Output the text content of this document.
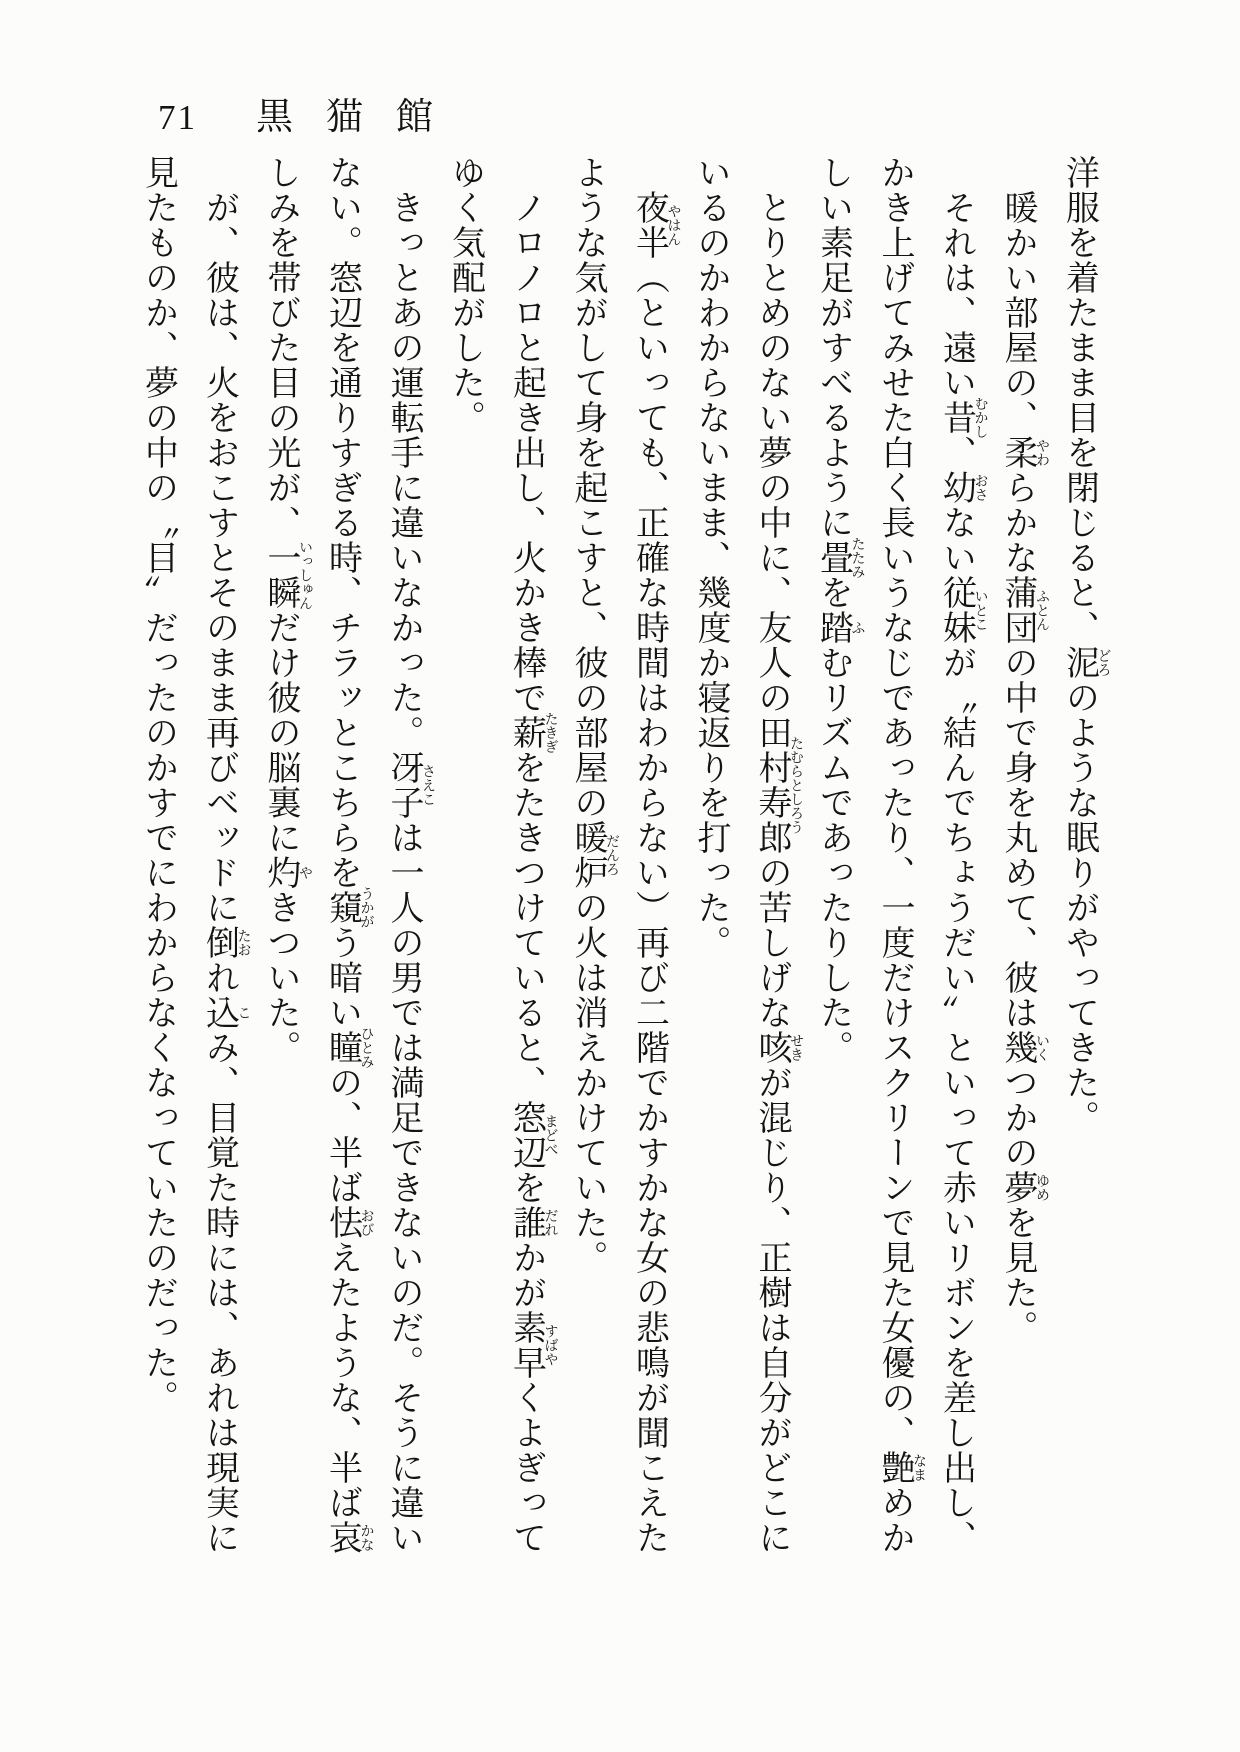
71 黒猫館
洋服を着たまま目を閉じると、泥どろのような眠りがやってきた。
暖かい部屋の、柔やわらかな蒲団ふとんの中で身を丸めて、彼は幾いくつかの夢ゆめを見た。
それは、遠い昔むかし、幼おさない従妹いとこが〝結んでちょうだい〟といって赤いリボンを差し出し、
かき上げてみせた白く長いうなじであったり、一度だけスクリーンで見た女優の、艶なまめか
しい素足がすべるように畳たたみを踏ふむリズムであったりした。
とりとめのない夢の中に、友人の田村寿郎たむらとしろうの苦しげな咳せきが混じり、正樹は自分がどこに
いるのかわからないまま、幾度か寝返りを打った。
夜半やはん（といっても、正確な時間はわからない）再び二階でかすかな女の悲鳴が聞こえた
ような気がして身を起こすと、彼の部屋の暖炉だんろの火は消えかけていた。
ノロノロと起き出し、火かき棒で薪たきぎをたきつけていると、窓辺まどべを誰だれかが素早すばやくよぎって
ゆく気配がした。
きっとあの運転手に違いなかった。冴子さえこは一人の男では満足できないのだ。そうに違い
ない。窓辺を通りすぎる時、チラッとこちらを窺うかがう暗い瞳ひとみの、半ば怯おびえたような、半ば哀かな
しみを帯びた目の光が、一瞬いっしゅんだけ彼の脳裏に灼やきついた。
が、彼は、火をおこすとそのまま再びベッドに倒たおれ込こみ、目覚た時には、あれは現実に
見たものか、夢の中の〝目〟だったのかすでにわからなくなっていたのだった。
